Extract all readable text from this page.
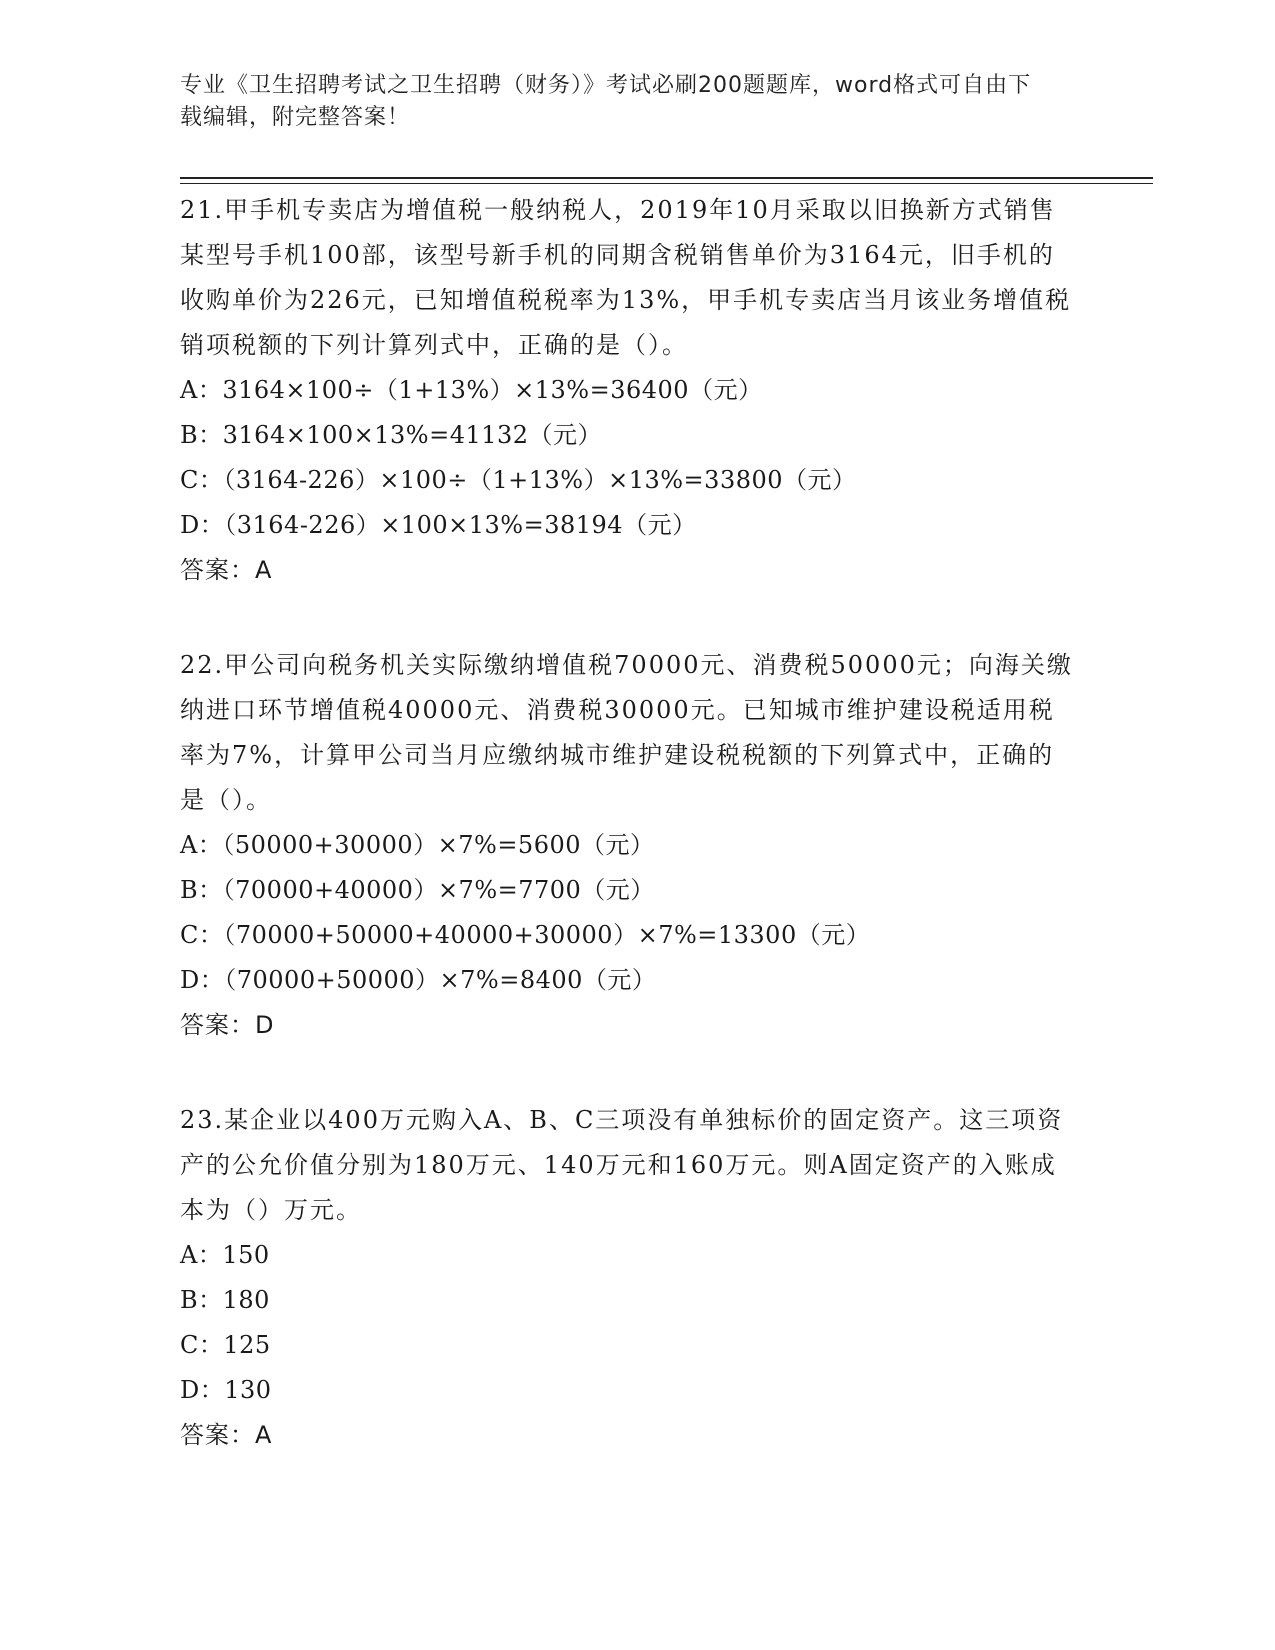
专业《卫生招聘考试之卫生招聘（财务）》考试必刷200题题库，word格式可自由下载编辑，附完整答案！
21.甲手机专卖店为增值税一般纳税人，2019年10月采取以旧换新方式销售某型号手机100部，该型号新手机的同期含税销售单价为3164元，旧手机的收购单价为226元，已知增值税税率为13%，甲手机专卖店当月该业务增值税销项税额的下列计算列式中，正确的是（）。
A：3164×100÷（1+13%）×13%=36400（元）
B：3164×100×13%=41132（元）
C：（3164-226）×100÷（1+13%）×13%=33800（元）
D：（3164-226）×100×13%=38194（元）
答案：A
22.甲公司向税务机关实际缴纳增值税70000元、消费税50000元；向海关缴纳进口环节增值税40000元、消费税30000元。已知城市维护建设税适用税率为7%，计算甲公司当月应缴纳城市维护建设税税额的下列算式中，正确的是（）。
A：（50000+30000）×7%=5600（元）
B：（70000+40000）×7%=7700（元）
C：（70000+50000+40000+30000）×7%=13300（元）
D：（70000+50000）×7%=8400（元）
答案：D
23.某企业以400万元购入A、B、C三项没有单独标价的固定资产。这三项资产的公允价值分别为180万元、140万元和160万元。则A固定资产的入账成本为（）万元。
A：150
B：180
C：125
D：130
答案：A
